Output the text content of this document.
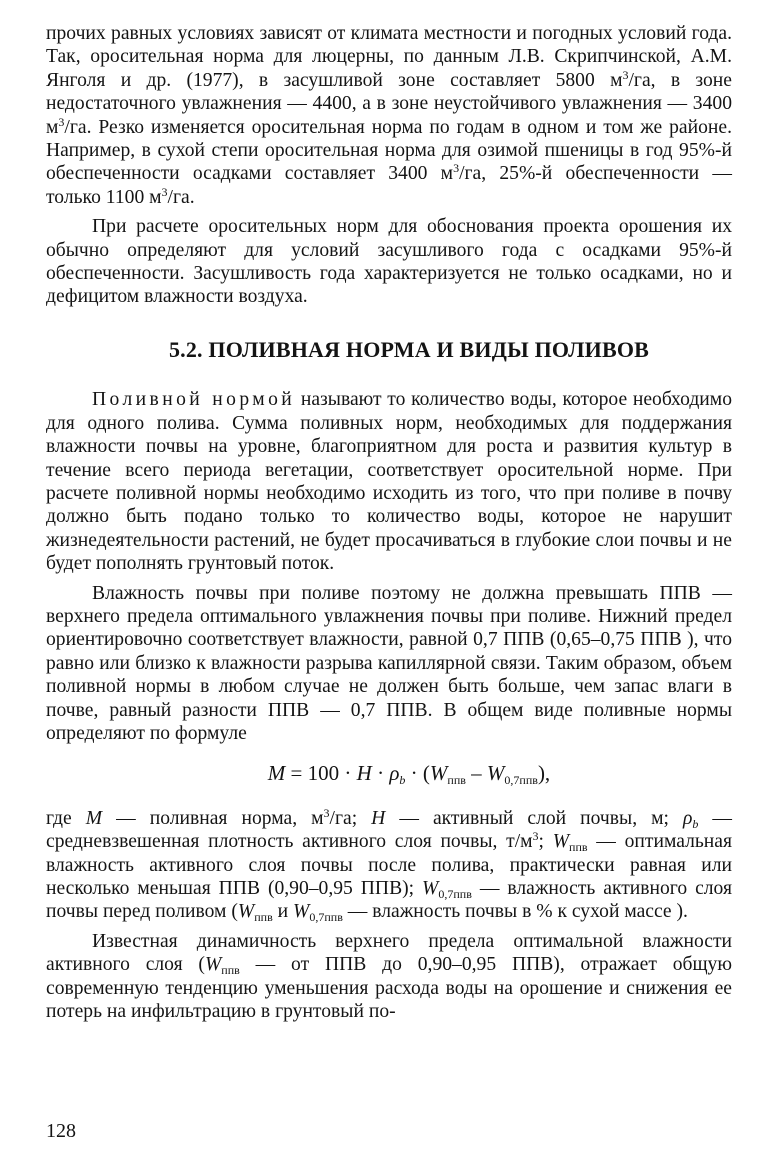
прочих равных условиях зависят от климата местности и погодных условий года. Так, оросительная норма для люцерны, по данным Л.В. Скрипчинской, А.М. Янголя и др. (1977), в засушливой зоне составляет 5800 $м^3/га$, в зоне недостаточного увлажнения — 4400, а в зоне неустойчивого увлажнения — 3400 $м^3/га$. Резко изменяется оросительная норма по годам в одном и том же районе. Например, в сухой степи оросительная норма для озимой пшеницы в год 95%-й обеспеченности осадками составляет 3400 $м^3/га$, 25%-й обеспеченности — только 1100 $м^3/га$.

При расчете оросительных норм для обоснования проекта орошения их обычно определяют для условий засушливого года с осадками 95%-й обеспеченности. Засушливость года характеризуется не только осадками, но и дефицитом влажности воздуха.

5.2. ПОЛИВНАЯ НОРМА И ВИДЫ ПОЛИВОВ

Поливной нормой называют то количество воды, которое необходимо для одного полива. Сумма поливных норм, необходимых для поддержания влажности почвы на уровне, благоприятном для роста и развития культур в течение всего периода вегетации, соответствует оросительной норме. При расчете поливной нормы необходимо исходить из того, что при поливе в почву должно быть подано только то количество воды, которое не нарушит жизнедеятельности растений, не будет просачиваться в глубокие слои почвы и не будет пополнять грунтовый поток.

Влажность почвы при поливе поэтому не должна превышать ППВ — верхнего предела оптимального увлажнения почвы при поливе. Нижний предел ориентировочно соответствует влажности, равной 0,7 ППВ (0,65–0,75 ППВ ), что равно или близко к влажности разрыва капиллярной связи. Таким образом, объем поливной нормы в любом случае не должен быть больше, чем запас влаги в почве, равный разности ППВ — 0,7 ППВ. В общем виде поливные нормы определяют по формуле

$M = 100 \cdot H \cdot \rho_b \cdot (W_{ппв} - W_{0,7ппв})$,

где M — поливная норма, $м^3/га$; H — активный слой почвы, м; $\rho_b$ — средневзвешенная плотность активного слоя почвы, $т/м^3$; $W_{ппв}$ — оптимальная влажность активного слоя почвы после полива, практически равная или несколько меньшая ППВ (0,90–0,95 ППВ); $W_{0,7ппв}$ — влажность активного слоя почвы перед поливом ($W_{ппв}$ и $W_{0,7ппв}$ — влажность почвы в % к сухой массе ).

Известная динамичность верхнего предела оптимальной влажности активного слоя ($W_{ппв}$ — от ППВ до 0,90–0,95 ППВ), отражает общую современную тенденцию уменьшения расхода воды на орошение и снижения ее потерь на инфильтрацию в грунтовый по-

128
